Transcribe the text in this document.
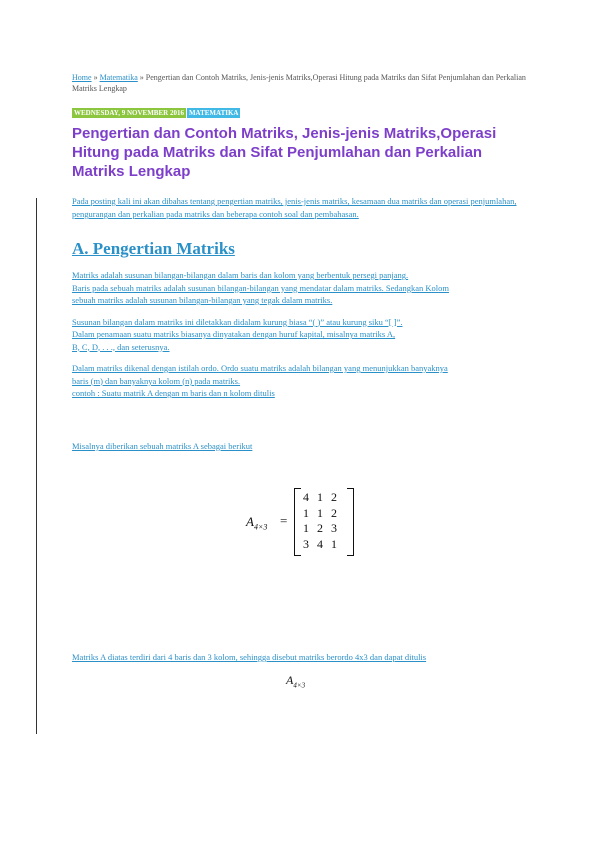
Home » Matematika » Pengertian dan Contoh Matriks, Jenis-jenis Matriks,Operasi Hitung pada Matriks dan Sifat Penjumlahan dan Perkalian Matriks Lengkap
WEDNESDAY, 9 NOVEMBER 2016 MATEMATIKA
Pengertian dan Contoh Matriks, Jenis-jenis Matriks,Operasi Hitung pada Matriks dan Sifat Penjumlahan dan Perkalian Matriks Lengkap
Pada posting kali ini akan dibahas tentang pengertian matriks, jenis-jenis matriks, kesamaan dua matriks dan operasi penjumlahan, pengurangan dan perkalian pada matriks dan beberapa contoh soal dan pembahasan.
A. Pengertian Matriks
Matriks adalah susunan bilangan-bilangan dalam baris dan kolom yang berbentuk persegi panjang.
Baris pada sebuah matriks adalah susunan bilangan-bilangan yang mendatar dalam matriks. Sedangkan Kolom
sebuah matriks adalah susunan bilangan-bilangan yang tegak dalam matriks.
Susunan bilangan dalam matriks ini diletakkan didalam kurung biasa “( )” atau kurung siku “[ ]”.
Dalam penamaan suatu matriks biasanya dinyatakan dengan huruf kapital, misalnya matriks A,
B, C, D, . . ., dan seterusnya.
Dalam matriks dikenal dengan istilah ordo. Ordo suatu matriks adalah bilangan yang menunjukkan banyaknya
baris (m) dan banyaknya kolom (n) pada matriks.
contoh : Suatu matrik A dengan m baris dan n kolom ditulis
Misalnya diberikan sebuah matriks A sebagai berikut
$A_{4\times 3}$ =
4 1 2
1 1 2
1 2 3
3 4 1
Matriks A diatas terdiri dari 4 baris dan 3 kolom, sehingga disebut matriks berordo 4x3 dan dapat ditulis
$A_{4\times 3}$
